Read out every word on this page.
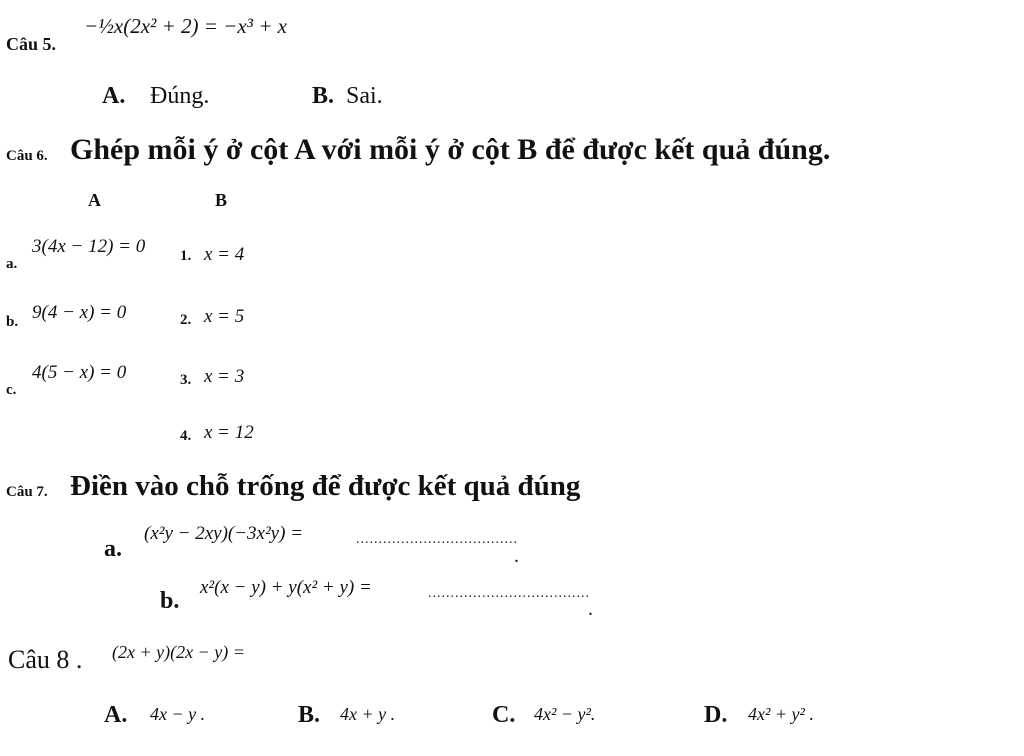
Câu 5.
−½x(2x² + 2) = −x³ + x
A. Đúng.	B. Sai.
Câu 6. Ghép mỗi ý ở cột A với mỗi ý ở cột B để được kết quả đúng.
A	B
a.
3(4x − 12) = 0
b. 9(4 − x) = 0
c.
4(5 − x) = 0
1. x = 4
2. x = 5
3. x = 3
4. x = 12
Câu 7. Điền vào chỗ trống để được kết quả đúng
a.
(x²y − 2xy)(−3x²y) =	....................................
.
b.
x²(x − y) + y(x² + y) =	....................................
.
Câu 8 . (2x + y)(2x − y) =
A. 4x − y .	B. 4x + y .	C. 4x² − y².	D. 4x² + y² .
